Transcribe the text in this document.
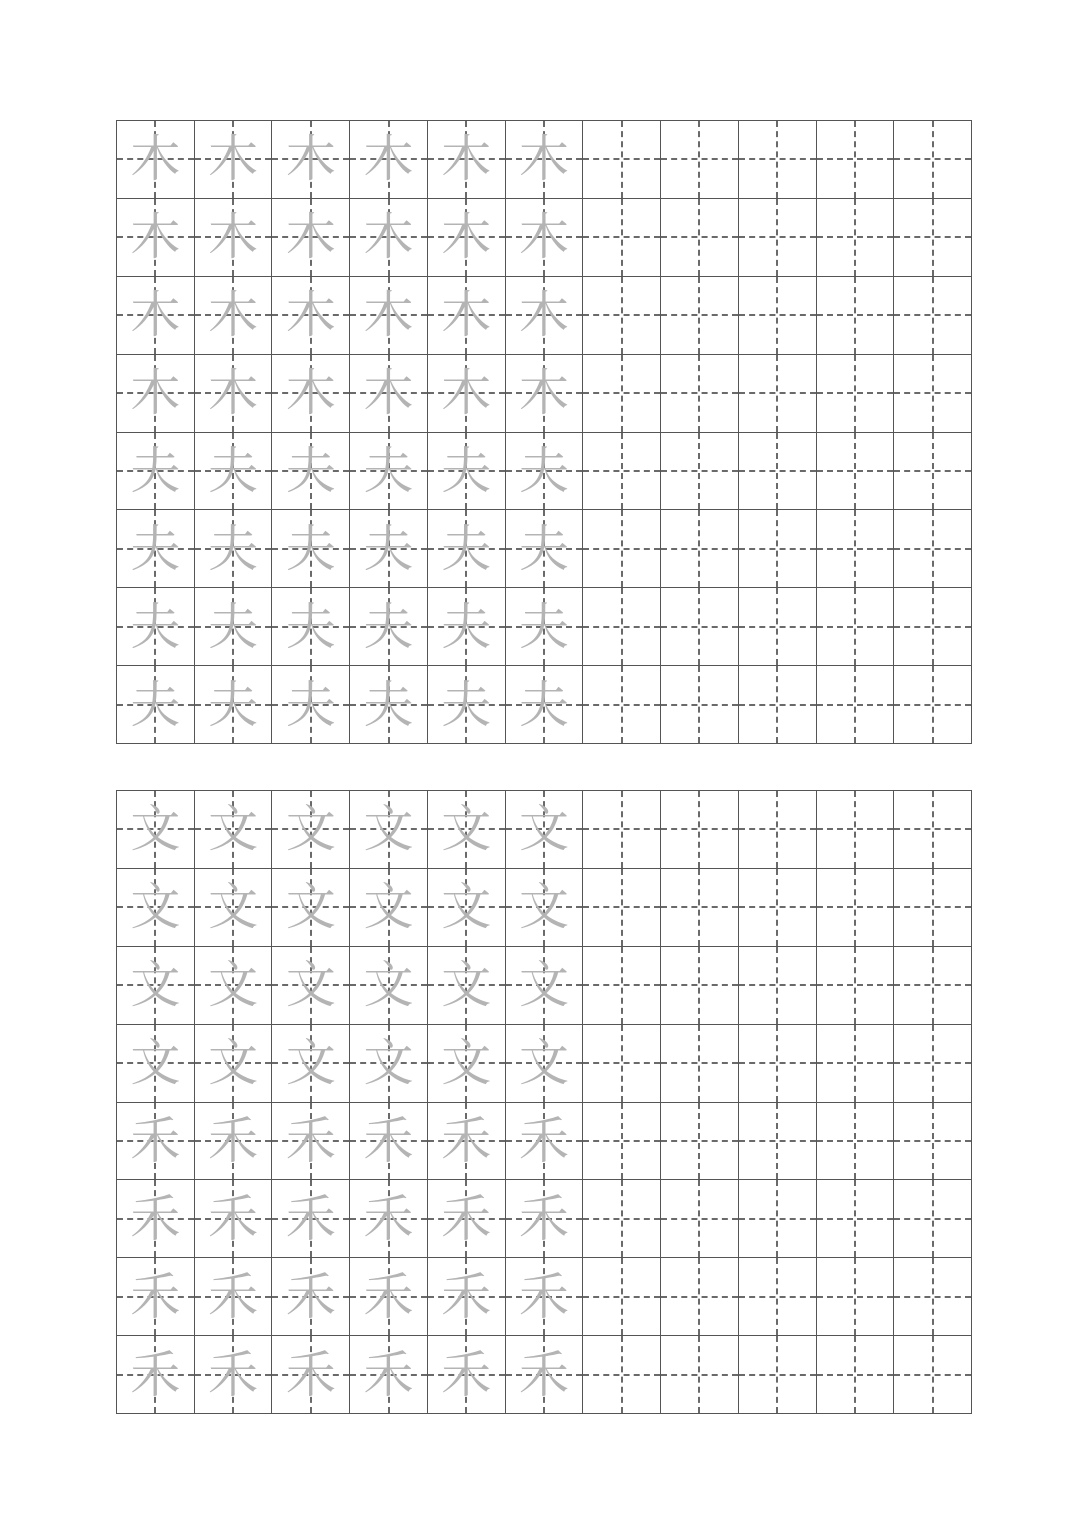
木 木 木 木 木 木
木 木 木 木 木 木
木 木 木 木 木 木
木 木 木 木 木 木
夫 夫 夫 夫 夫 夫
夫 夫 夫 夫 夫 夫
夫 夫 夫 夫 夫 夫
夫 夫 夫 夫 夫 夫
文 文 文 文 文 文
文 文 文 文 文 文
文 文 文 文 文 文
文 文 文 文 文 文
禾 禾 禾 禾 禾 禾
禾 禾 禾 禾 禾 禾
禾 禾 禾 禾 禾 禾
禾 禾 禾 禾 禾 禾
